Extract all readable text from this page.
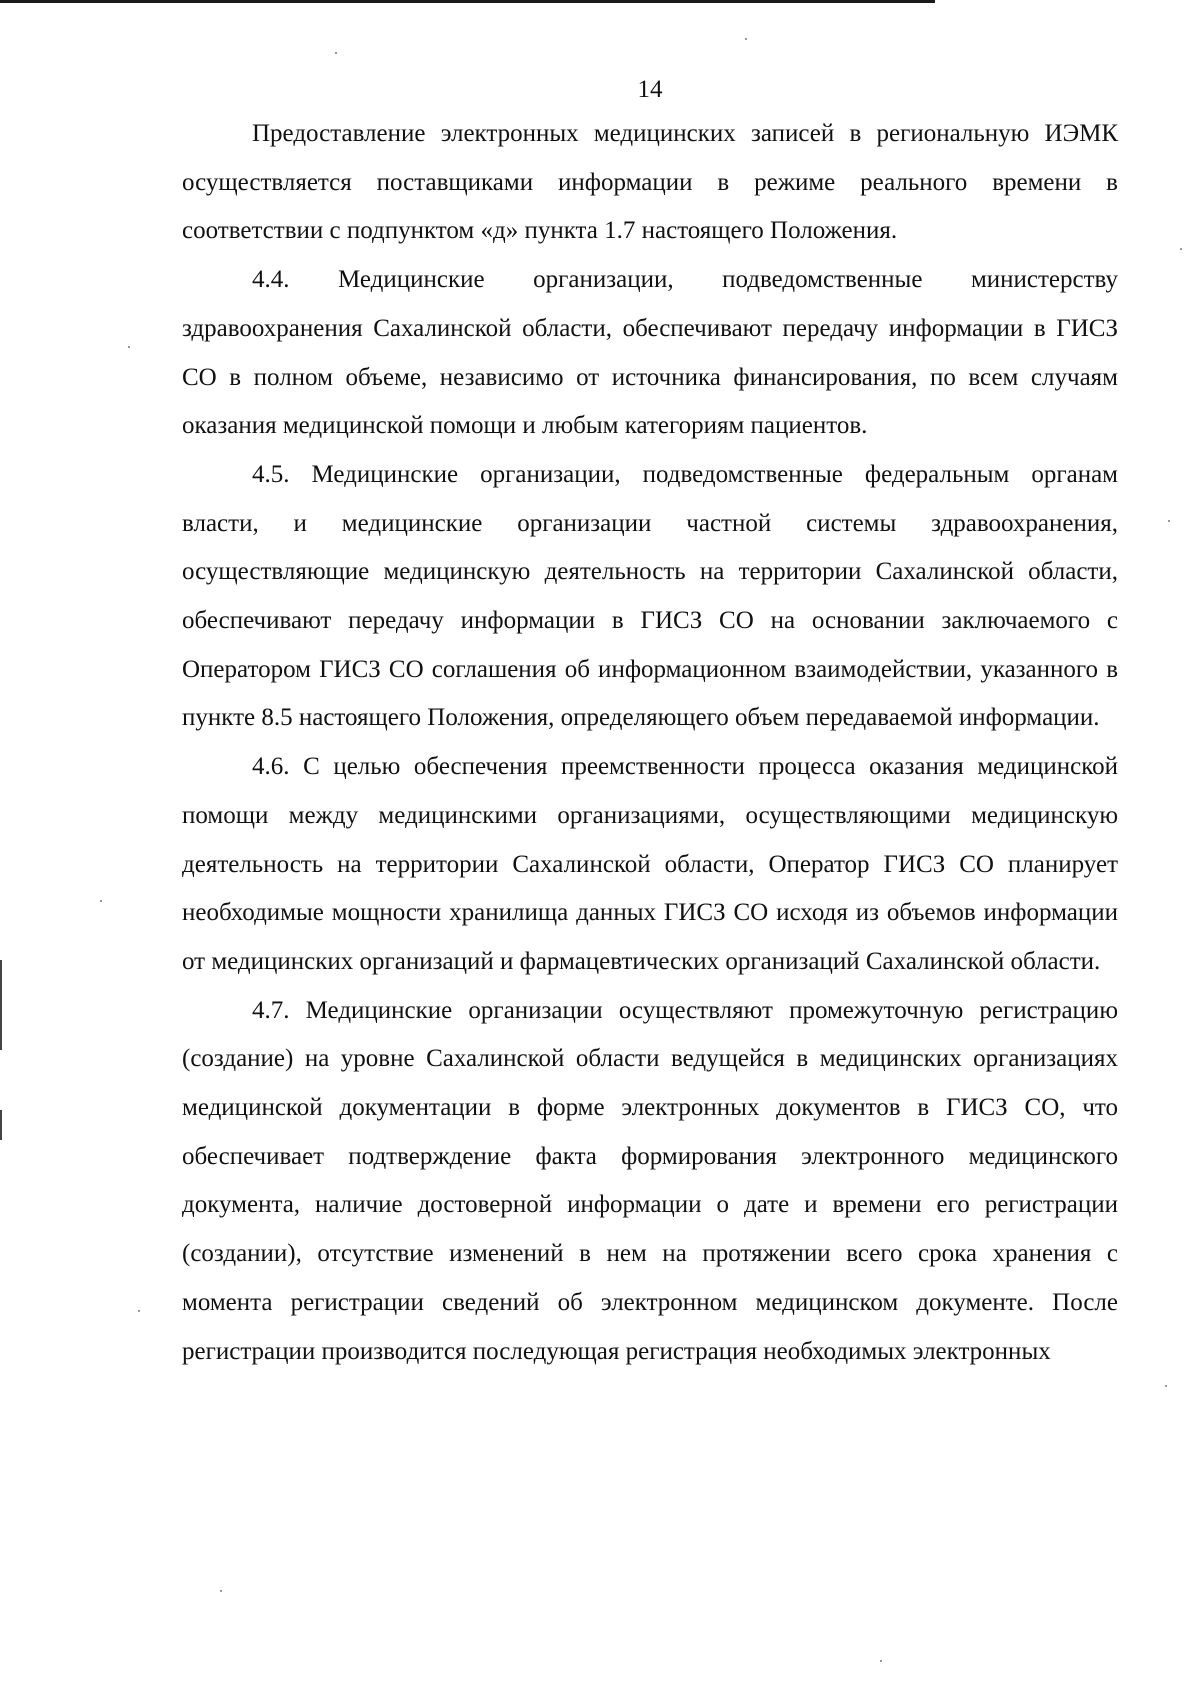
14

Предоставление электронных медицинских записей в региональную ИЭМК осуществляется поставщиками информации в режиме реального времени в соответствии с подпунктом «д» пункта 1.7 настоящего Положения.

4.4. Медицинские организации, подведомственные министерству здравоохранения Сахалинской области, обеспечивают передачу информации в ГИСЗ СО в полном объеме, независимо от источника финансирования, по всем случаям оказания медицинской помощи и любым категориям пациентов.

4.5. Медицинские организации, подведомственные федеральным органам власти, и медицинские организации частной системы здравоохранения, осуществляющие медицинскую деятельность на территории Сахалинской области, обеспечивают передачу информации в ГИСЗ СО на основании заключаемого с Оператором ГИСЗ СО соглашения об информационном взаимодействии, указанного в пункте 8.5 настоящего Положения, определяющего объем передаваемой информации.

4.6. С целью обеспечения преемственности процесса оказания медицинской помощи между медицинскими организациями, осуществляющими медицинскую деятельность на территории Сахалинской области, Оператор ГИСЗ СО планирует необходимые мощности хранилища данных ГИСЗ СО исходя из объемов информации от медицинских организаций и фармацевтических организаций Сахалинской области.

4.7. Медицинские организации осуществляют промежуточную регистрацию (создание) на уровне Сахалинской области ведущейся в медицинских организациях медицинской документации в форме электронных документов в ГИСЗ СО, что обеспечивает подтверждение факта формирования электронного медицинского документа, наличие достоверной информации о дате и времени его регистрации (создании), отсутствие изменений в нем на протяжении всего срока хранения с момента регистрации сведений об электронном медицинском документе. После регистрации производится последующая регистрация необходимых электронных
